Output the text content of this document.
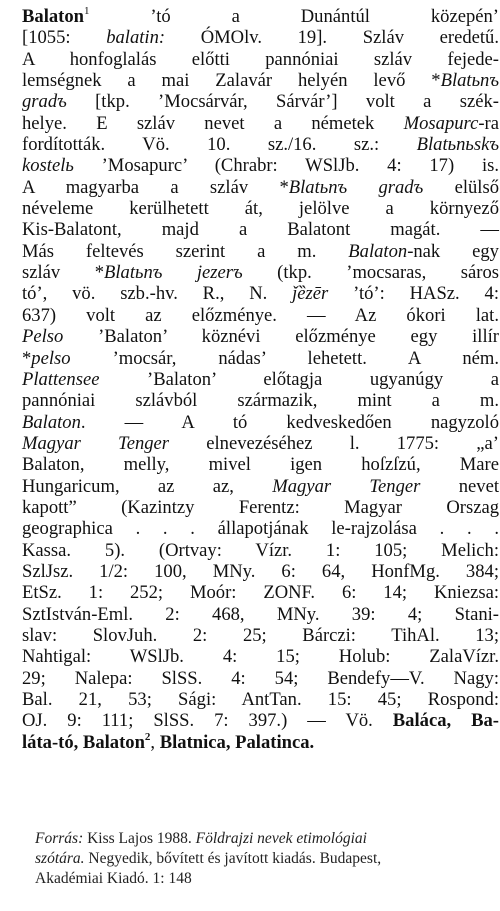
Balaton$^1$ ’tó a Dunántúl közepén’
[1055: balatin: ÓMOlv. 19]. Szláv eredetű.
A honfoglalás előtti pannóniai szláv fejede-
lemségnek a mai Zalavár helyén levő *Blatьnъ
gradъ [tkp. ’Mocsárvár, Sárvár’] volt a szék-
helye. E szláv nevet a németek Mosapurc-ra
fordították. Vö. 10. sz./16. sz.: Blatьnьskъ
kostelь ’Mosapurc’ (Chrabr: WSlJb. 4: 17) is.
A magyarba a szláv *Blatьnъ gradъ elülső
néveleme kerülhetett át, jelölve a környező
Kis-Balatont, majd a Balatont magát. —
Más feltevés szerint a m. Balaton-nak egy
szláv *Blatьnъ jezerъ (tkp. ’mocsaras, sáros
tó’, vö. szb.-hv. R., N. ǰȅzēr ’tó’: HASz. 4:
637) volt az előzménye. — Az ókori lat.
Pelso ’Balaton’ köznévi előzménye egy illír
*pelso ’mocsár, nádas’ lehetett. A ném.
Plattensee ’Balaton’ előtagja ugyanúgy a
pannóniai szlávból származik, mint a m.
Balaton. — A tó kedveskedően nagyzoló
Magyar Tenger elnevezéséhez l. 1775: „a’
Balaton, melly, mivel igen hoſzſzú, Mare
Hungaricum, az az, Magyar Tenger nevet
kapott” (Kazintzy Ferentz: Magyar Orszag
geographica . . . állapotjának le-rajzolása . . .
Kassa. 5). (Ortvay: Vízr. 1: 105; Melich:
SzlJsz. 1/2: 100, MNy. 6: 64, HonfMg. 384;
EtSz. 1: 252; Moór: ZONF. 6: 14; Kniezsa:
SztIstván-Eml. 2: 468, MNy. 39: 4; Stani-
slav: SlovJuh. 2: 25; Bárczi: TihAl. 13;
Nahtigal: WSlJb. 4: 15; Holub: ZalaVízr.
29; Nalepa: SlSS. 4: 54; Bendefy—V. Nagy:
Bal. 21, 53; Sági: AntTan. 15: 45; Rospond:
OJ. 9: 111; SlSS. 7: 397.) — Vö. Baláca, Ba-
láta-tó, Balaton$^2$, Blatnica, Palatinca.
Forrás: Kiss Lajos 1988. Földrajzi nevek etimológiai
szótára. Negyedik, bővített és javított kiadás. Budapest,
Akadémiai Kiadó. 1: 148
